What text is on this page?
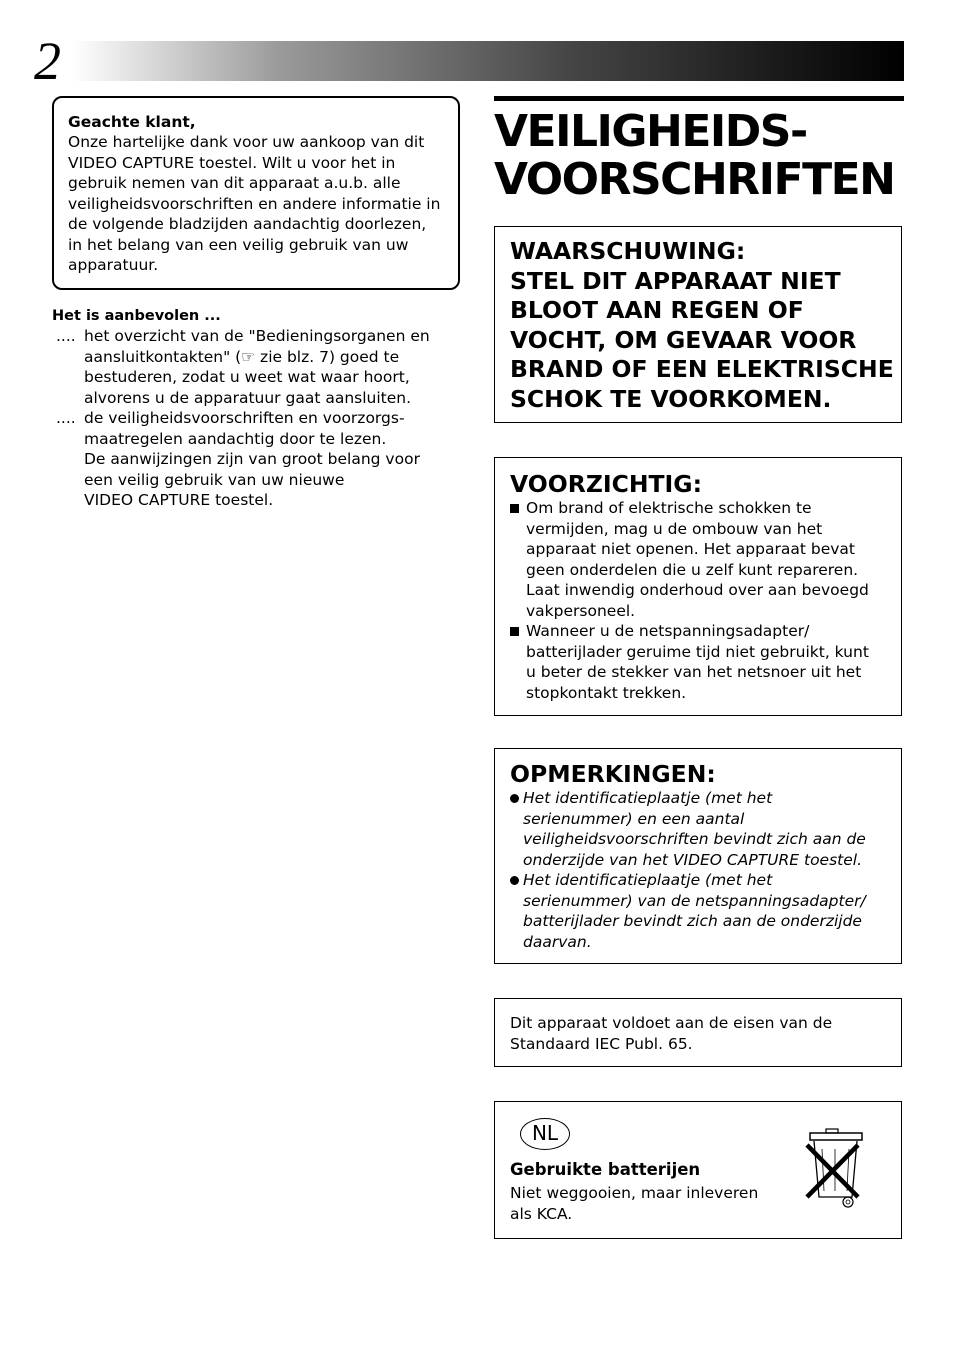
2
Geachte klant,
Onze hartelijke dank voor uw aankoop van dit
VIDEO CAPTURE toestel. Wilt u voor het in
gebruik nemen van dit apparaat a.u.b. alle
veiligheidsvoorschriften en andere informatie in
de volgende bladzijden aandachtig doorlezen,
in het belang van een veilig gebruik van uw
apparatuur.
Het is aanbevolen ...
.... het overzicht van de "Bedieningsorganen en
aansluitkontakten" (☞ zie blz. 7) goed te
bestuderen, zodat u weet wat waar hoort,
alvorens u de apparatuur gaat aansluiten.
.... de veiligheidsvoorschriften en voorzorgs-
maatregelen aandachtig door te lezen.
De aanwijzingen zijn van groot belang voor
een veilig gebruik van uw nieuwe
VIDEO CAPTURE toestel.
VEILIGHEIDS-
VOORSCHRIFTEN
WAARSCHUWING:
STEL DIT APPARAAT NIET
BLOOT AAN REGEN OF
VOCHT, OM GEVAAR VOOR
BRAND OF EEN ELEKTRISCHE
SCHOK TE VOORKOMEN.
VOORZICHTIG:
Om brand of elektrische schokken te
vermijden, mag u de ombouw van het
apparaat niet openen. Het apparaat bevat
geen onderdelen die u zelf kunt repareren.
Laat inwendig onderhoud over aan bevoegd
vakpersoneel.
Wanneer u de netspanningsadapter/
batterijlader geruime tijd niet gebruikt, kunt
u beter de stekker van het netsnoer uit het
stopkontakt trekken.
OPMERKINGEN:
Het identificatieplaatje (met het
serienummer) en een aantal
veiligheidsvoorschriften bevindt zich aan de
onderzijde van het VIDEO CAPTURE toestel.
Het identificatieplaatje (met het
serienummer) van de netspanningsadapter/
batterijlader bevindt zich aan de onderzijde
daarvan.
Dit apparaat voldoet aan de eisen van de
Standaard IEC Publ. 65.
NL
Gebruikte batterijen
Niet weggooien, maar inleveren
als KCA.
